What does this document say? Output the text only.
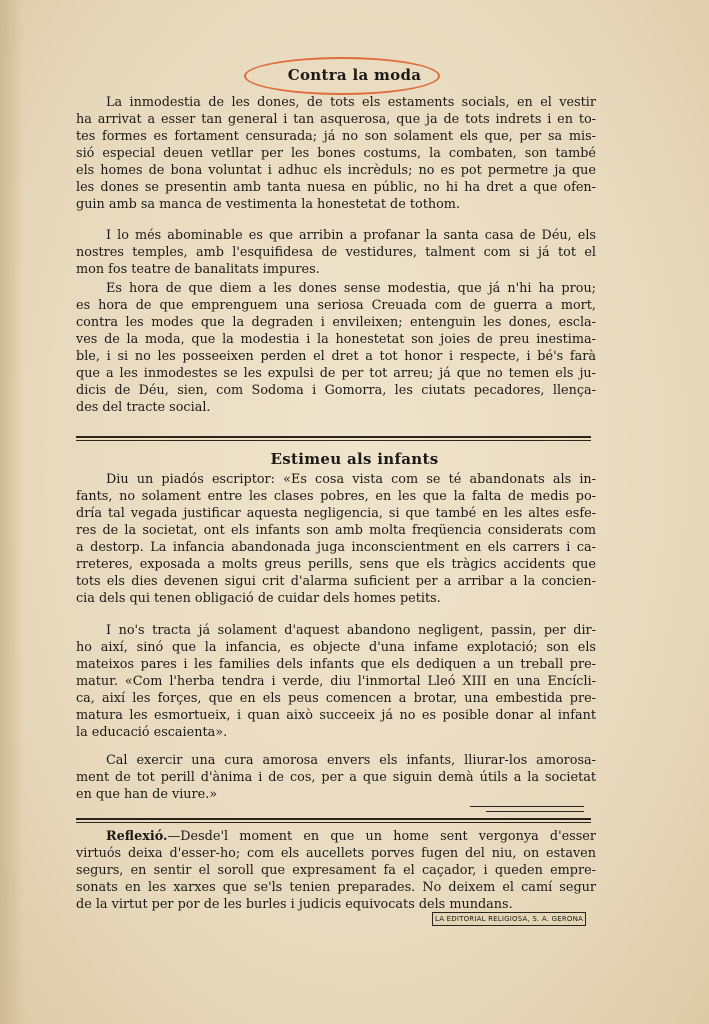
Contra la moda
La inmodestia de les dones, de tots els estaments socials, en el vestir
ha arrivat a esser tan general i tan asquerosa, que ja de tots indrets i en to-
tes formes es fortament censurada; já no son solament els que, per sa mis-
sió especial deuen vetllar per les bones costums, la combaten, son també
els homes de bona voluntat i adhuc els incrèduls; no es pot permetre ja que
les dones se presentin amb tanta nuesa en públic, no hi ha dret a que ofen-
guin amb sa manca de vestimenta la honestetat de tothom.
I lo més abominable es que arribin a profanar la santa casa de Déu, els
nostres temples, amb l'esquifidesa de vestidures, talment com si já tot el
mon fos teatre de banalitats impures.
Es hora de que diem a les dones sense modestia, que já n'hi ha prou;
es hora de que emprenguem una seriosa Creuada com de guerra a mort,
contra les modes que la degraden i envileixen; entenguin les dones, escla-
ves de la moda, que la modestia i la honestetat son joies de preu inestima-
ble, i si no les posseeixen perden el dret a tot honor i respecte, i bé's farà
que a les inmodestes se les expulsi de per tot arreu; já que no temen els ju-
dicis de Déu, sien, com Sodoma i Gomorra, les ciutats pecadores, llença-
des del tracte social.
Estimeu als infants
Diu un piadós escriptor: «Es cosa vista com se té abandonats als in-
fants, no solament entre les clases pobres, en les que la falta de medis po-
dría tal vegada justificar aquesta negligencia, si que també en les altes esfe-
res de la societat, ont els infants son amb molta freqüencia considerats com
a destorp. La infancia abandonada juga inconscientment en els carrers i ca-
rreteres, exposada a molts greus perills, sens que els tràgics accidents que
tots els dies devenen sigui crit d'alarma suficient per a arribar a la concien-
cia dels qui tenen obligació de cuidar dels homes petits.
I no's tracta já solament d'aquest abandono negligent, passin, per dir-
ho així, sinó que la infancia, es objecte d'una infame explotació; son els
mateixos pares i les families dels infants que els dediquen a un treball pre-
matur. «Com l'herba tendra i verde, diu l'inmortal Lleó XIII en una Encícli-
ca, així les forçes, que en els peus comencen a brotar, una embestida pre-
matura les esmortueix, i quan això succeeix já no es posible donar al infant
la educació escaienta».
Cal exercir una cura amorosa envers els infants, lliurar-los amorosa-
ment de tot perill d'ànima i de cos, per a que siguin demà útils a la societat
en que han de viure.»
Reflexió.—Desde'l moment en que un home sent vergonya d'esser
virtuós deixa d'esser-ho; com els aucellets porves fugen del niu, on estaven
segurs, en sentir el soroll que expresament fa el caçador, i queden empre-
sonats en les xarxes que se'ls tenien preparades. No deixem el camí segur
de la virtut per por de les burles i judicis equivocats dels mundans.
LA EDITORIAL RELIGIOSA, S. A. GERONA
